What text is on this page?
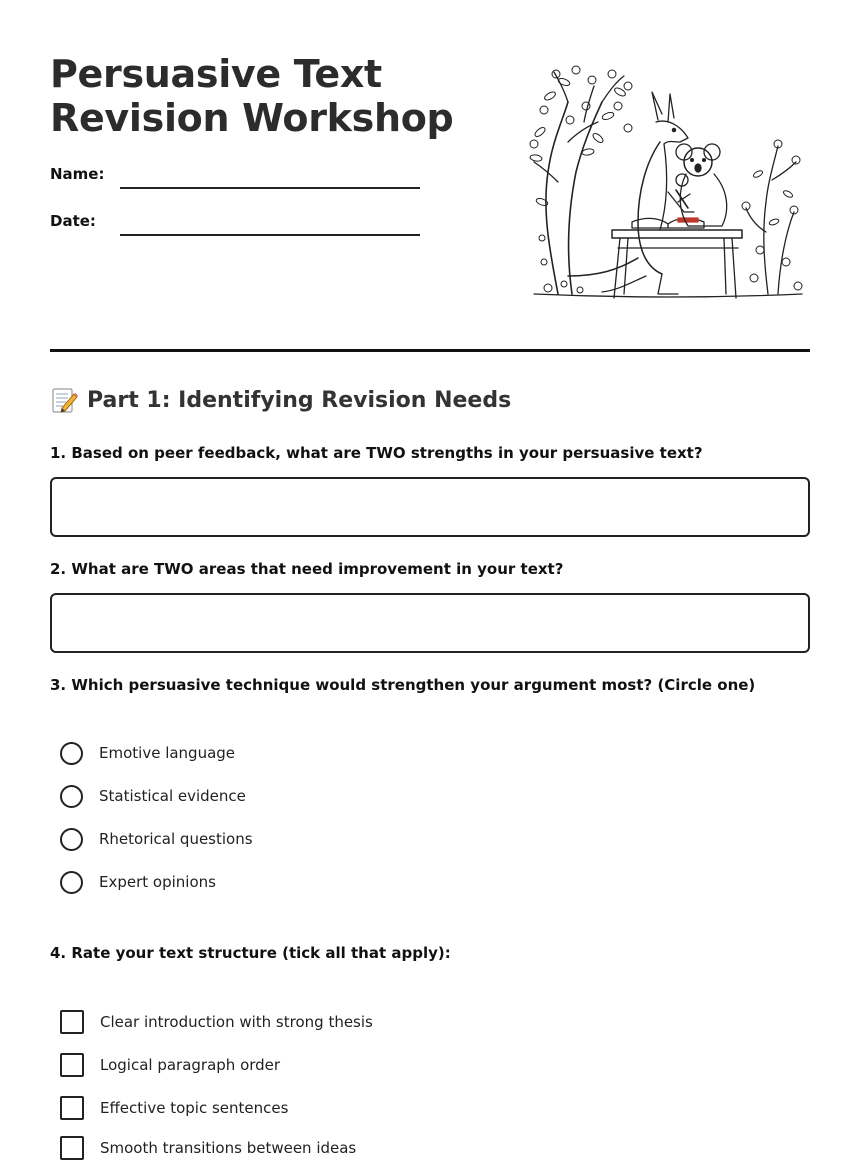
Persuasive Text Revision Workshop
Name:
Date:
Part 1: Identifying Revision Needs

1. Based on peer feedback, what are TWO strengths in your persuasive text?

2. What are TWO areas that need improvement in your text?

3. Which persuasive technique would strengthen your argument most? (Circle one)

Emotive language
Statistical evidence
Rhetorical questions
Expert opinions

4. Rate your text structure (tick all that apply):

Clear introduction with strong thesis
Logical paragraph order
Effective topic sentences
Smooth transitions between ideas
